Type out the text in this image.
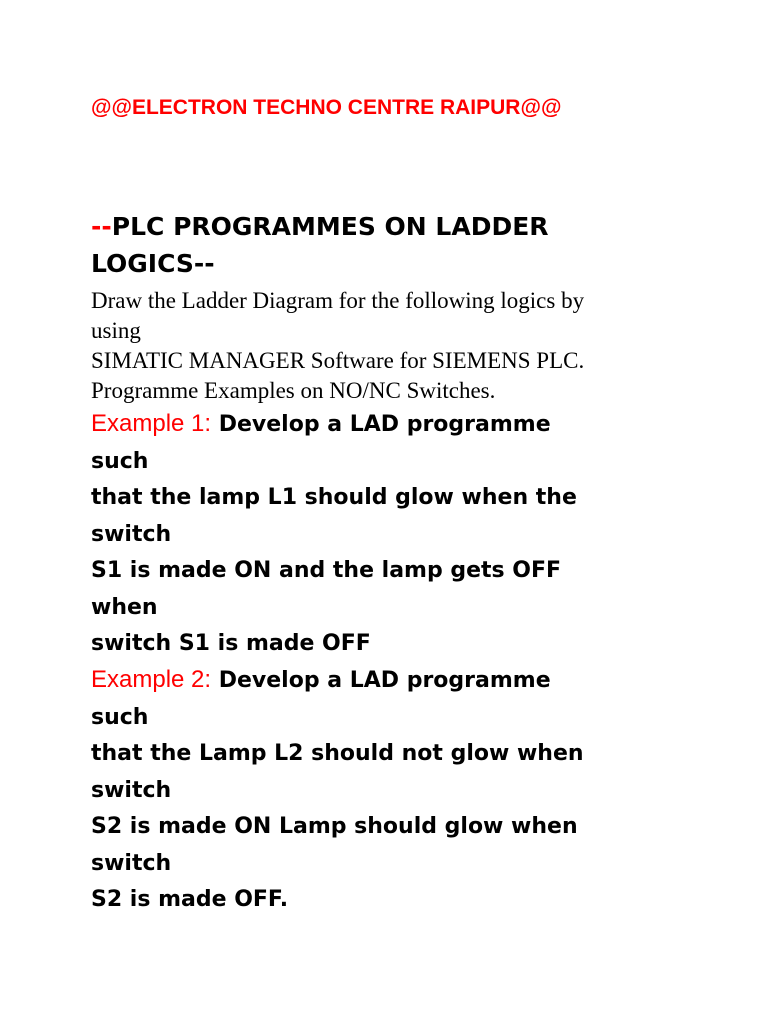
@@ELECTRON TECHNO CENTRE RAIPUR@@
--PLC PROGRAMMES ON LADDER
LOGICS--
Draw the Ladder Diagram for the following logics by
using
SIMATIC MANAGER Software for SIEMENS PLC.
Programme Examples on NO/NC Switches.
Example 1: Develop a LAD programme
such
that the lamp L1 should glow when the
switch
S1 is made ON and the lamp gets OFF
when
switch S1 is made OFF
Example 2: Develop a LAD programme
such
that the Lamp L2 should not glow when
switch
S2 is made ON Lamp should glow when
switch
S2 is made OFF.
